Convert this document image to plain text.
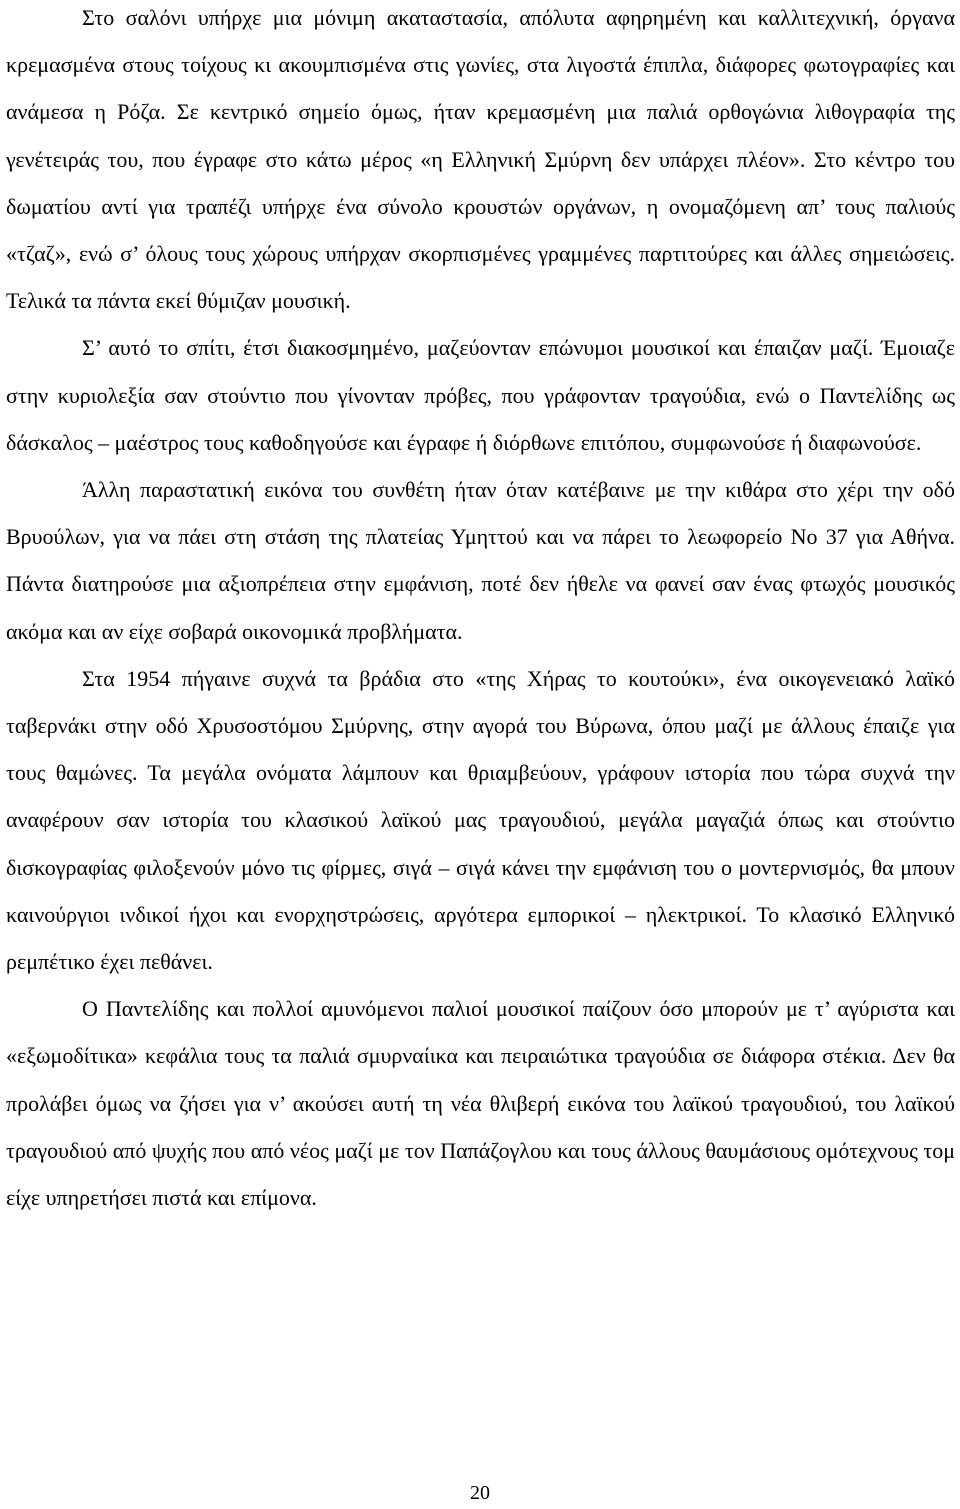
Στο σαλόνι υπήρχε μια μόνιμη ακαταστασία, απόλυτα αφηρημένη και καλλιτεχνική, όργανα κρεμασμένα στους τοίχους κι ακουμπισμένα στις γωνίες, στα λιγοστά έπιπλα, διάφορες φωτογραφίες και ανάμεσα η Ρόζα. Σε κεντρικό σημείο όμως, ήταν κρεμασμένη μια παλιά ορθογώνια λιθογραφία της γενέτειράς του, που έγραφε στο κάτω μέρος «η Ελληνική Σμύρνη δεν υπάρχει πλέον». Στο κέντρο του δωματίου αντί για τραπέζι υπήρχε ένα σύνολο κρουστών οργάνων, η ονομαζόμενη απ’ τους παλιούς «τζαζ», ενώ σ’ όλους τους χώρους υπήρχαν σκορπισμένες γραμμένες παρτιτούρες και άλλες σημειώσεις. Τελικά τα πάντα εκεί θύμιζαν μουσική.

Σ’ αυτό το σπίτι, έτσι διακοσμημένο, μαζεύονταν επώνυμοι μουσικοί και έπαιζαν μαζί. Έμοιαζε στην κυριολεξία σαν στούντιο που γίνονταν πρόβες, που γράφονταν τραγούδια, ενώ ο Παντελίδης ως δάσκαλος – μαέστρος τους καθοδηγούσε και έγραφε ή διόρθωνε επιτόπου, συμφωνούσε ή διαφωνούσε.

Άλλη παραστατική εικόνα του συνθέτη ήταν όταν κατέβαινε με την κιθάρα στο χέρι την οδό Βρυούλων, για να πάει στη στάση της πλατείας Υμηττού και να πάρει το λεωφορείο Νο 37 για Αθήνα. Πάντα διατηρούσε μια αξιοπρέπεια στην εμφάνιση, ποτέ δεν ήθελε να φανεί σαν ένας φτωχός μουσικός ακόμα και αν είχε σοβαρά οικονομικά προβλήματα.

Στα 1954 πήγαινε συχνά τα βράδια στο «της Χήρας το κουτούκι», ένα οικογενειακό λαϊκό ταβερνάκι στην οδό Χρυσοστόμου Σμύρνης, στην αγορά του Βύρωνα, όπου μαζί με άλλους έπαιζε για τους θαμώνες. Τα μεγάλα ονόματα λάμπουν και θριαμβεύουν, γράφουν ιστορία που τώρα συχνά την αναφέρουν σαν ιστορία του κλασικού λαϊκού μας τραγουδιού, μεγάλα μαγαζιά όπως και στούντιο δισκογραφίας φιλοξενούν μόνο τις φίρμες, σιγά – σιγά κάνει την εμφάνιση του ο μοντερνισμός, θα μπουν καινούργιοι ινδικοί ήχοι και ενορχηστρώσεις, αργότερα εμπορικοί – ηλεκτρικοί. Το κλασικό Ελληνικό ρεμπέτικο έχει πεθάνει.

Ο Παντελίδης και πολλοί αμυνόμενοι παλιοί μουσικοί παίζουν όσο μπορούν με τ’ αγύριστα και «εξωμοδίτικα» κεφάλια τους τα παλιά σμυρναίικα και πειραιώτικα τραγούδια σε διάφορα στέκια. Δεν θα προλάβει όμως να ζήσει για ν’ ακούσει αυτή τη νέα θλιβερή εικόνα του λαϊκού τραγουδιού, του λαϊκού τραγουδιού από ψυχής που από νέος μαζί με τον Παπάζογλου και τους άλλους θαυμάσιους ομότεχνους τομ είχε υπηρετήσει πιστά και επίμονα.

20
